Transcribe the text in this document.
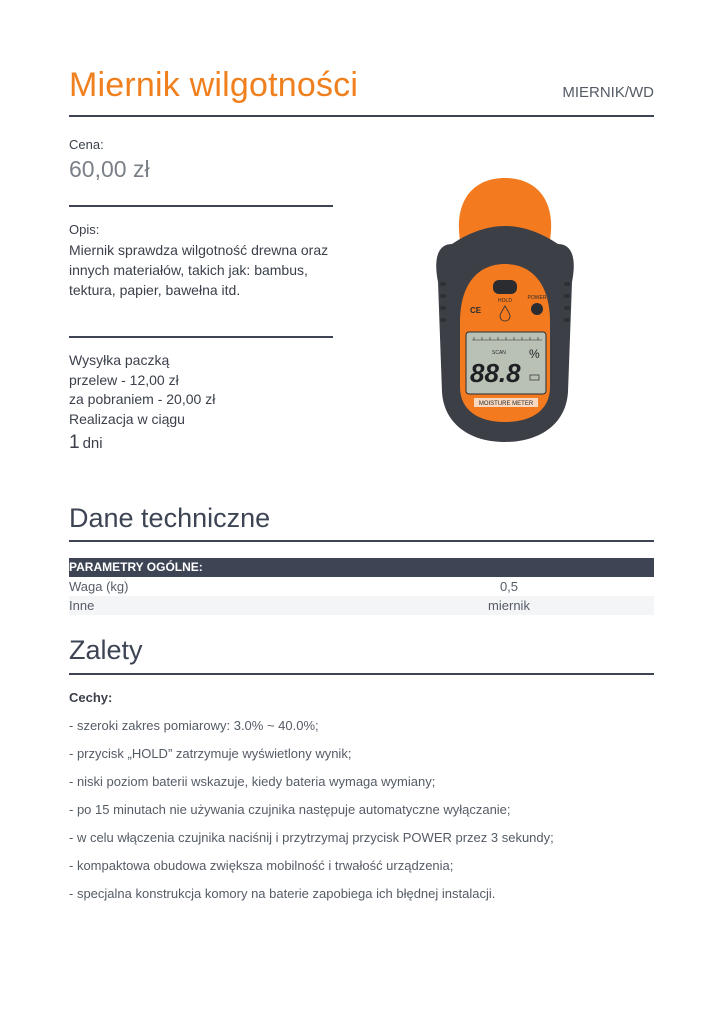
Miernik wilgotności	MIERNIK/WD
Cena:
60,00 zł
Opis:
Miernik sprawdza wilgotność drewna oraz innych materiałów, takich jak: bambus, tektura, papier, bawełna itd.
Wysyłka paczką
przelew - 12,00 zł
za pobraniem - 20,00 zł
Realizacja w ciągu
1 dni
HOLD	POWER
CE
SCAN
88.8
%
MOISTURE METER
Dane techniczne
PARAMETRY OGÓLNE:
Waga (kg)	0,5
Inne	miernik
Zalety
Cechy:
- szeroki zakres pomiarowy: 3.0% ~ 40.0%;
- przycisk „HOLD” zatrzymuje wyświetlony wynik;
- niski poziom baterii wskazuje, kiedy bateria wymaga wymiany;
- po 15 minutach nie używania czujnika następuje automatyczne wyłączanie;
- w celu włączenia czujnika naciśnij i przytrzymaj przycisk POWER przez 3 sekundy;
- kompaktowa obudowa zwiększa mobilność i trwałość urządzenia;
- specjalna konstrukcja komory na baterie zapobiega ich błędnej instalacji.
